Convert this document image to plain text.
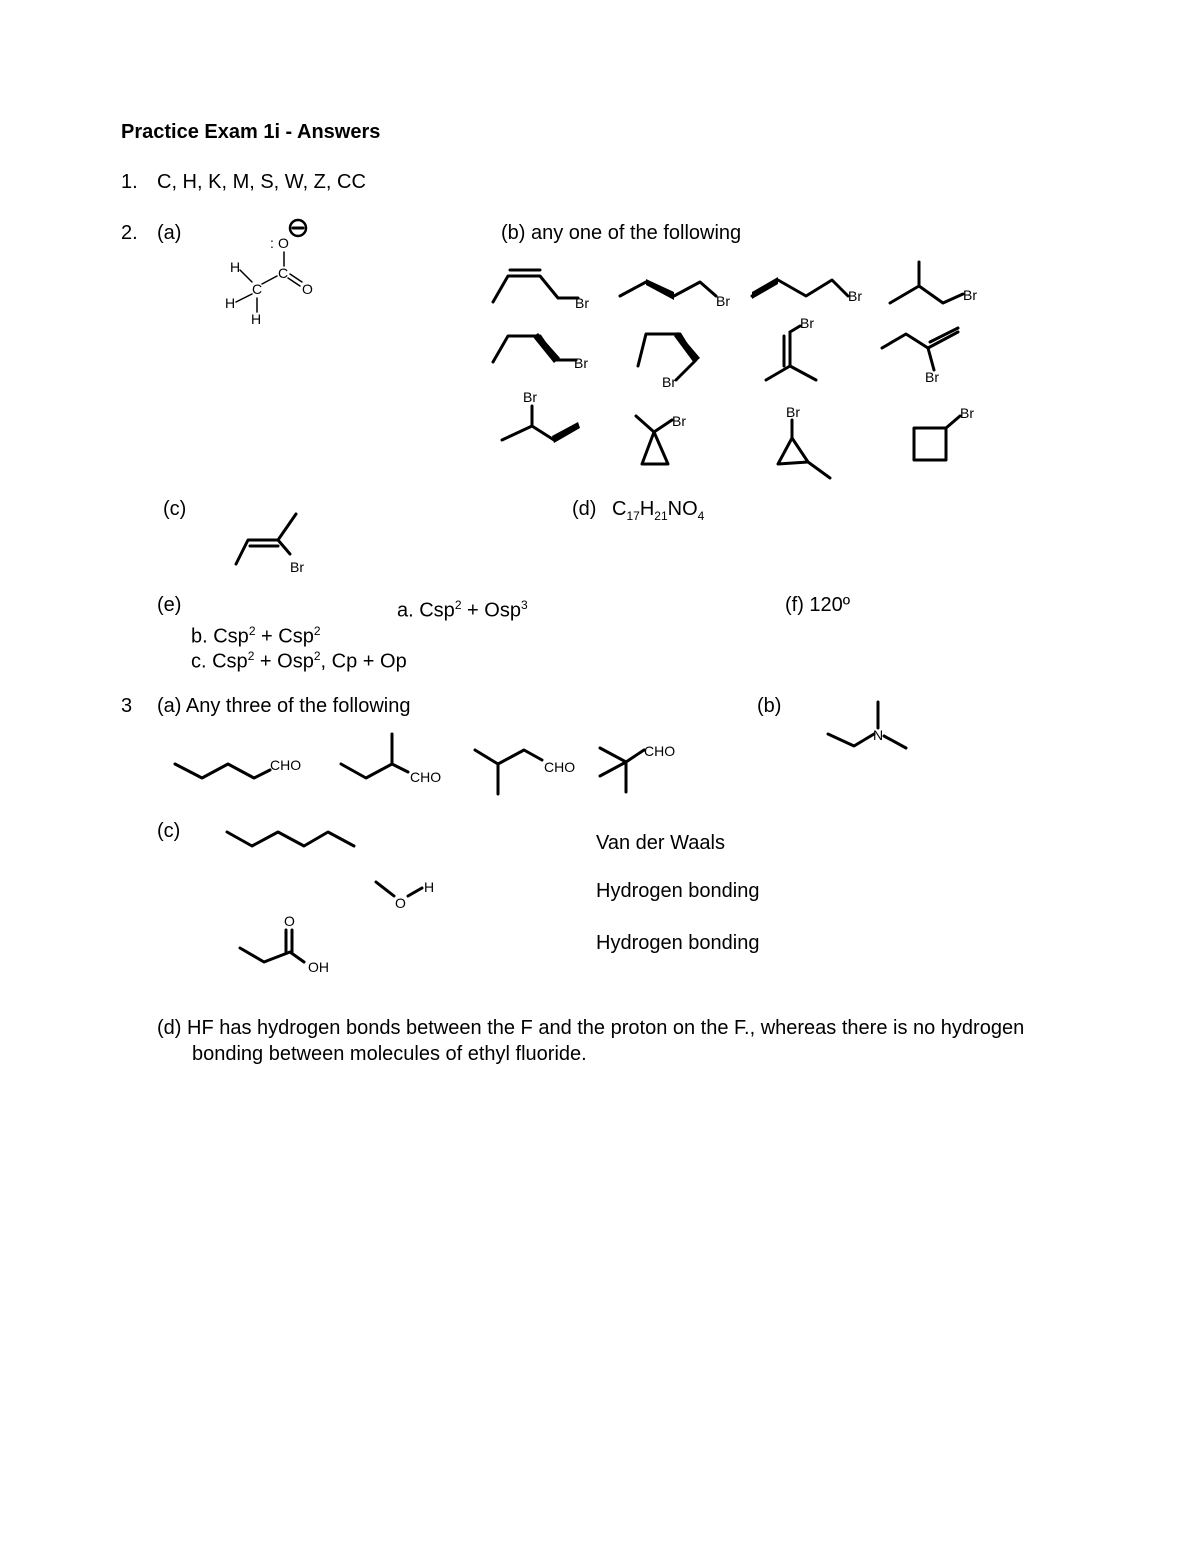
Practice Exam 1i - Answers
1. C, H, K, M, S, W, Z, CC
2. (a)	(b) any one of the following
O
:
C
O
C
H
H
H
Br	Br	Br	Br
Br
Br
Br
Br
Br
Br
Br	Br
(c)
Br
(d) $C_{17}H_{21}NO_4$
(e)	a. Csp$^2$ + Osp$^3$	(f) 120º
b. Csp$^2$ + Csp$^2$
c. Csp$^2$ + Osp$^2$, Cp + Op
3 (a) Any three of the following	(b)
N
CHO
CHO
CHO
CHO
(c)
O
H
O
OH
Van der Waals
Hydrogen bonding
Hydrogen bonding
(d) HF has hydrogen bonds between the F and the proton on the F., whereas there is no hydrogen
bonding between molecules of ethyl fluoride.
